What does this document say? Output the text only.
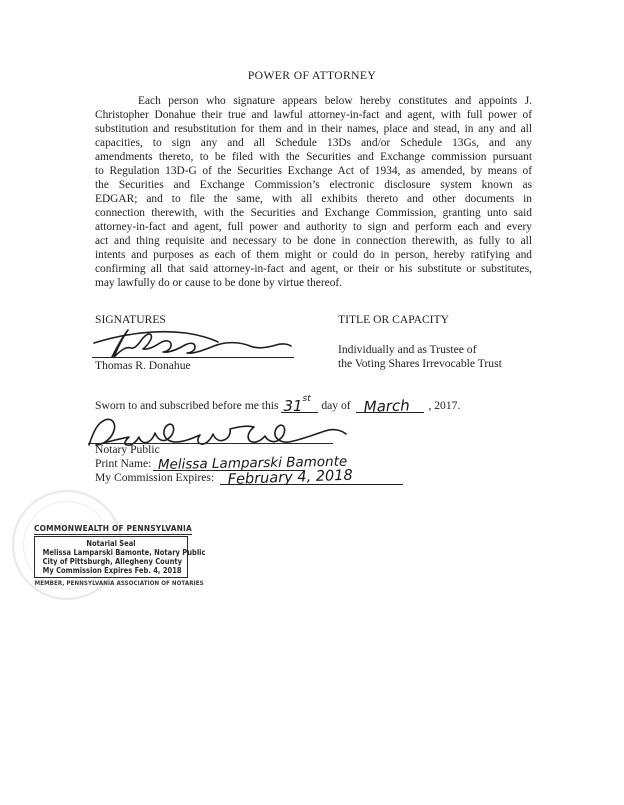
POWER OF ATTORNEY
Each person who signature appears below hereby constitutes and appoints J.
Christopher Donahue their true and lawful attorney-in-fact and agent, with full power of
substitution and resubstitution for them and in their names, place and stead, in any and all
capacities, to sign any and all Schedule 13Ds and/or Schedule 13Gs, and any
amendments thereto, to be filed with the Securities and Exchange commission pursuant
to Regulation 13D-G of the Securities Exchange Act of 1934, as amended, by means of
the Securities and Exchange Commission’s electronic disclosure system known as
EDGAR; and to file the same, with all exhibits thereto and other documents in
connection therewith, with the Securities and Exchange Commission, granting unto said
attorney-in-fact and agent, full power and authority to sign and perform each and every
act and thing requisite and necessary to be done in connection therewith, as fully to all
intents and purposes as each of them might or could do in person, hereby ratifying and
confirming all that said attorney-in-fact and agent, or their or his substitute or substitutes,
may lawfully do or cause to be done by virtue thereof.
SIGNATURES	TITLE OR CAPACITY
Thomas R. Donahue
Individually and as Trustee of
the Voting Shares Irrevocable Trust
Sworn to and subscribed before me this 31st day of March , 2017.
Notary Public
Print Name: Melissa Lamparski Bamonte
My Commission Expires: February 4, 2018
COMMONWEALTH OF PENNSYLVANIA
Notarial Seal
Melissa Lamparski Bamonte, Notary Public
City of Pittsburgh, Allegheny County
My Commission Expires Feb. 4, 2018
MEMBER, PENNSYLVANIA ASSOCIATION OF NOTARIES
